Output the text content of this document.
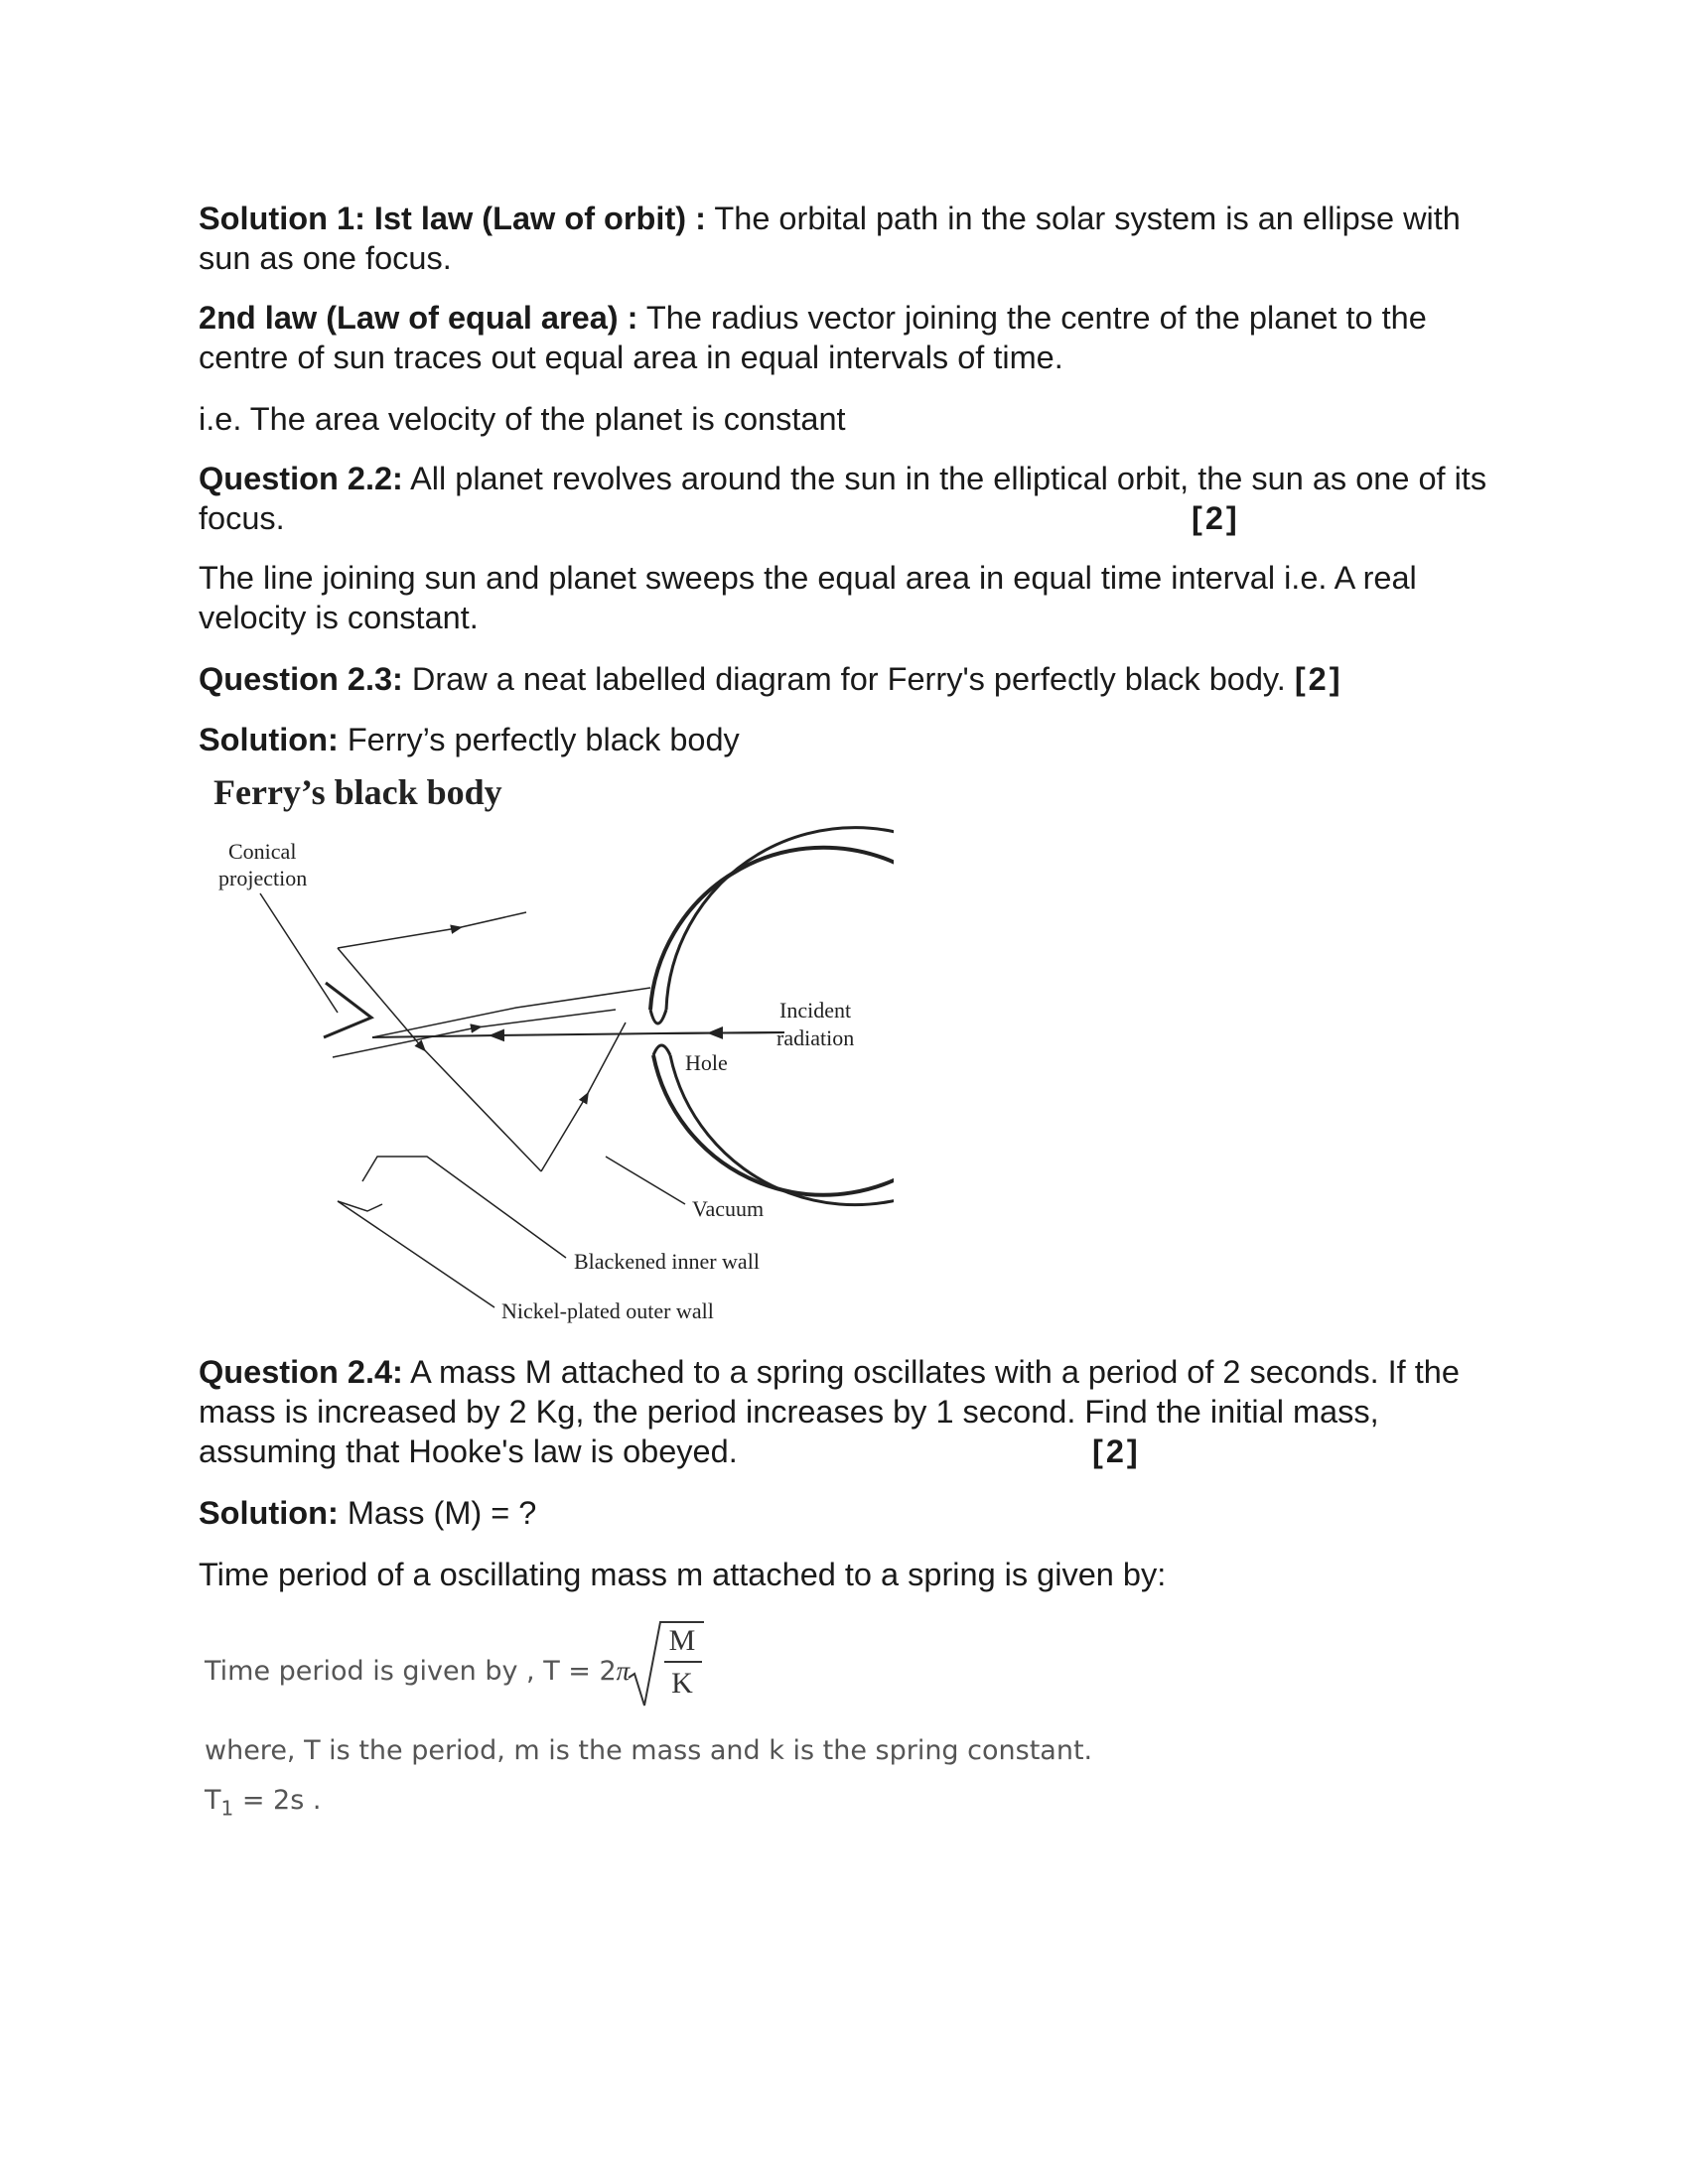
Solution 1: Ist law (Law of orbit) : The orbital path in the solar system is an ellipse with sun as one focus.
2nd law (Law of equal area) : The radius vector joining the centre of the planet to the centre of sun traces out equal area in equal intervals of time.
i.e. The area velocity of the planet is constant
Question 2.2: All planet revolves around the sun in the elliptical orbit, the sun as one of its focus.	[2]
The line joining sun and planet sweeps the equal area in equal time interval i.e. A real velocity is constant.
Question 2.3: Draw a neat labelled diagram for Ferry's perfectly black body. [2]
Solution: Ferry’s perfectly black body
Ferry’s black body
Conical
projection
Incident
radiation
Hole
Vacuum
Blackened inner wall
Nickel-plated outer wall
Question 2.4: A mass M attached to a spring oscillates with a period of 2 seconds. If the mass is increased by 2 Kg, the period increases by 1 second. Find the initial mass, assuming that Hooke's law is obeyed.	[2]
Solution: Mass (M) = ?
Time period of a oscillating mass m attached to a spring is given by:
Time period is given by , T = 2π
M
K
where, T is the period, m is the mass and k is the spring constant.
$T_1 = 2s$ .
